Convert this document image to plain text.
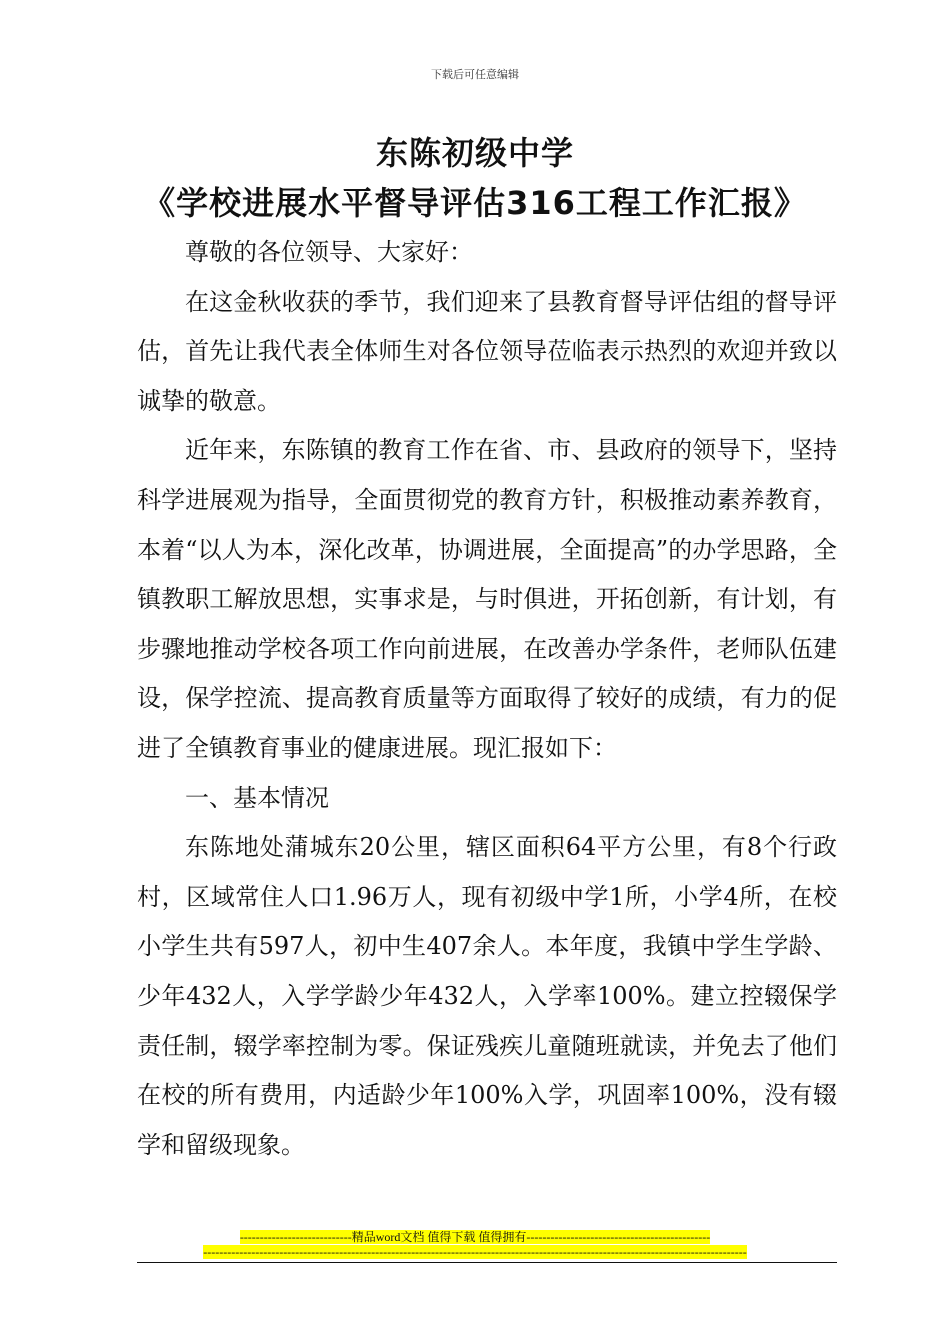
下载后可任意编辑
东陈初级中学
《学校进展水平督导评估316工程工作汇报》

尊敬的各位领导、大家好：

在这金秋收获的季节，我们迎来了县教育督导评估组的督导评估，首先让我代表全体师生对各位领导莅临表示热烈的欢迎并致以诚挚的敬意。

近年来，东陈镇的教育工作在省、市、县政府的领导下，坚持科学进展观为指导，全面贯彻党的教育方针，积极推动素养教育，本着“以人为本，深化改革，协调进展，全面提高”的办学思路，全镇教职工解放思想，实事求是，与时俱进，开拓创新，有计划，有步骤地推动学校各项工作向前进展，在改善办学条件，老师队伍建设，保学控流、提高教育质量等方面取得了较好的成绩，有力的促进了全镇教育事业的健康进展。现汇报如下：

一、基本情况

东陈地处蒲城东20公里，辖区面积64平方公里，有8个行政村，区域常住人口1.96万人，现有初级中学1所，小学4所，在校小学生共有597人，初中生407余人。本年度，我镇中学生学龄、少年432人，入学学龄少年432人，入学率100%。建立控辍保学责任制，辍学率控制为零。保证残疾儿童随班就读，并免去了他们在校的所有费用，内适龄少年100%入学，巩固率100%，没有辍学和留级现象。

----------------------------精品word文档 值得下载 值得拥有----------------------------------------------
----------------------------------------------------------------------------------------------------------------------------------------
